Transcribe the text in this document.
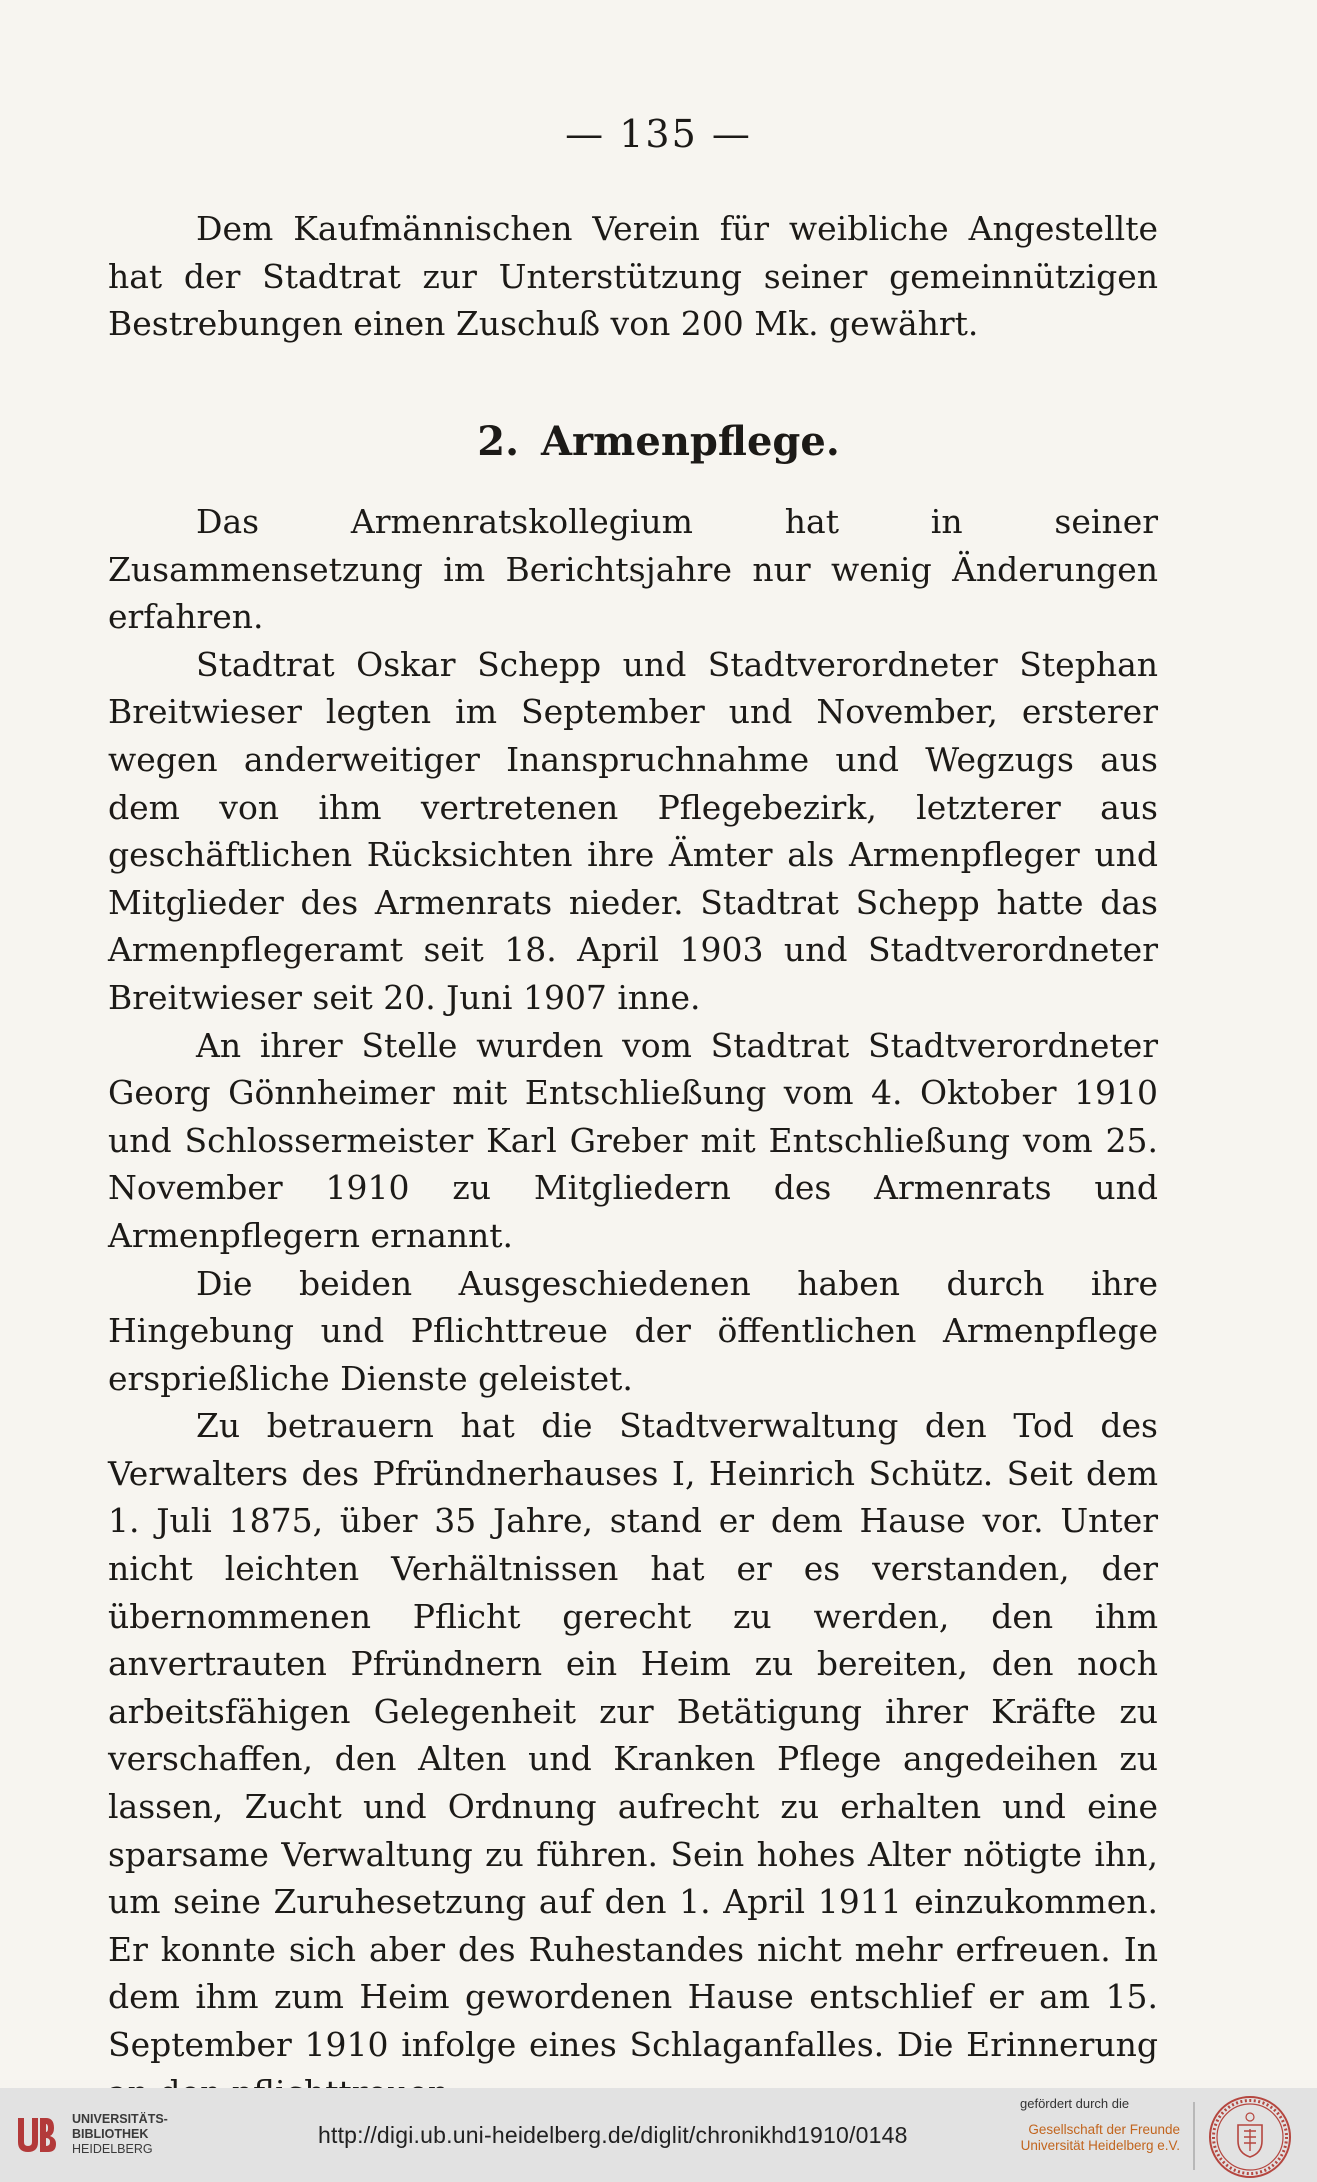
— 135 —

Dem Kaufmännischen Verein für weibliche Angestellte hat der Stadtrat zur Unterstützung seiner gemeinnützigen Bestrebungen einen Zuschuß von 200 Mk. gewährt.

2. Armenpflege.

Das Armenratskollegium hat in seiner Zusammensetzung im Berichtsjahre nur wenig Änderungen erfahren.

Stadtrat Oskar Schepp und Stadtverordneter Stephan Breitwieser legten im September und November, ersterer wegen anderweitiger Inanspruchnahme und Wegzugs aus dem von ihm vertretenen Pflegebezirk, letzterer aus geschäftlichen Rücksichten ihre Ämter als Armenpfleger und Mitglieder des Armenrats nieder. Stadtrat Schepp hatte das Armenpflegeramt seit 18. April 1903 und Stadtverordneter Breitwieser seit 20. Juni 1907 inne.

An ihrer Stelle wurden vom Stadtrat Stadtverordneter Georg Gönnheimer mit Entschließung vom 4. Oktober 1910 und Schlossermeister Karl Greber mit Entschließung vom 25. November 1910 zu Mitgliedern des Armenrats und Armenpflegern ernannt.

Die beiden Ausgeschiedenen haben durch ihre Hingebung und Pflichttreue der öffentlichen Armenpflege ersprießliche Dienste geleistet.

Zu betrauern hat die Stadtverwaltung den Tod des Verwalters des Pfründnerhauses I, Heinrich Schütz. Seit dem 1. Juli 1875, über 35 Jahre, stand er dem Hause vor. Unter nicht leichten Verhältnissen hat er es verstanden, der übernommenen Pflicht gerecht zu werden, den ihm anvertrauten Pfründnern ein Heim zu bereiten, den noch arbeitsfähigen Gelegenheit zur Betätigung ihrer Kräfte zu verschaffen, den Alten und Kranken Pflege angedeihen zu lassen, Zucht und Ordnung aufrecht zu erhalten und eine sparsame Verwaltung zu führen. Sein hohes Alter nötigte ihn, um seine Zuruhesetzung auf den 1. April 1911 einzukommen. Er konnte sich aber des Ruhestandes nicht mehr erfreuen. In dem ihm zum Heim gewordenen Hause entschlief er am 15. September 1910 infolge eines Schlaganfalles. Die Erinnerung

UNIVERSITÄTS-
BIBLIOTHEK
HEIDELBERG
http://digi.ub.uni-heidelberg.de/diglit/chronikhd1910/0148
gefördert durch die
Gesellschaft der Freunde
Universität Heidelberg e.V.
